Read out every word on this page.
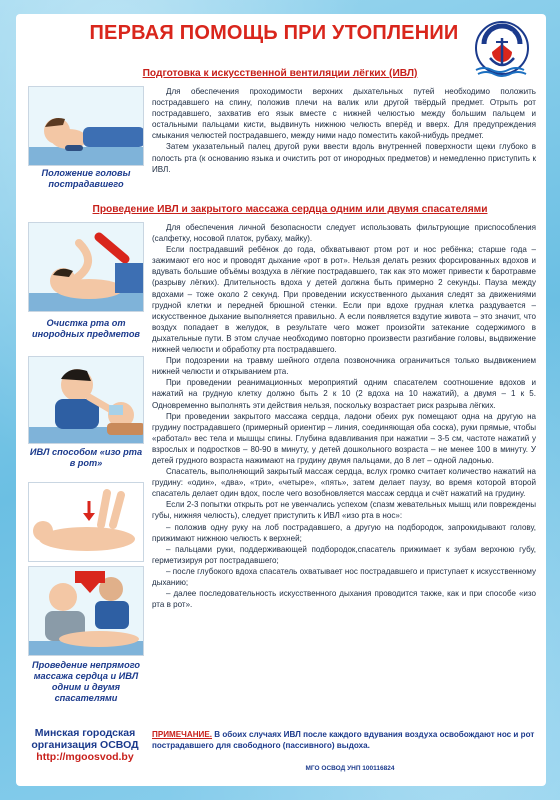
ПЕРВАЯ ПОМОЩЬ ПРИ УТОПЛЕНИИ	ОСВОД
Подготовка к искусственной вентиляции лёгких (ИВЛ)
Положение головы пострадавшего

Для обеспечения проходимости верхних дыхательных путей необходимо положить пострадавшего на спину, положив плечи на валик или другой твёрдый предмет. Отрыть рот пострадавшего, захватив его язык вместе с нижней челюстью между большим пальцем и остальными пальцами кисти, выдвинуть нижнюю челюсть вперёд и вверх. Для предупреждения смыкания челюстей пострадавшего, между ними надо поместить какой-нибудь предмет.

Затем указательный палец другой руки ввести вдоль внутренней поверхности щеки глубоко в полость рта (к основанию языка и очистить рот от инородных предметов) и немедленно приступить к ИВЛ.

Проведение ИВЛ и закрытого массажа сердца одним или двумя спасателями
Очистка рта от инородных предметов
ИВЛ способом «изо рта в рот»
Проведение непрямого массажа сердца и ИВЛ одним и двумя спасателями

Для обеспечения личной безопасности следует использовать фильтрующие приспособления (салфетку, носовой платок, рубаху, майку).

Если пострадавший ребёнок до года, обхватывают ртом рот и нос ребёнка; старше года – зажимают его нос и проводят дыхание «рот в рот». Нельзя делать резких форсированных вдохов и вдувать большие объёмы воздуха в лёгкие пострадавшего, так как это может привести к баротравме (разрыву лёгких). Длительность вдоха у детей должна быть примерно 2 секунды. Пауза между вдохами – тоже около 2 секунд. При проведении искусственного дыхания следят за движениями грудной клетки и передней брюшной стенки. Если при вдохе грудная клетка раздувается – искусственное дыхание выполняется правильно. А если появляется вздутие живота – это значит, что воздух попадает в желудок, в результате чего может произойти затекание содержимого в дыхательные пути. В этом случае необходимо повторно произвести разгибание головы, выдвижение нижней челюсти и обработку рта пострадавшего.

При подозрении на травму шейного отдела позвоночника ограничиться только выдвижением нижней челюсти и открыванием рта.

При проведении реанимационных мероприятий одним спасателем соотношение вдохов и нажатий на грудную клетку должно быть 2 к 10 (2 вдоха на 10 нажатий), а двумя – 1 к 5. Одновременно выполнять эти действия нельзя, поскольку возрастает риск разрыва лёгких.

При проведении закрытого массажа сердца, ладони обеих рук помещают одна на другую на грудину пострадавшего (примерный ориентир – линия, соединяющая оба соска), руки прямые, чтобы «работал» вес тела и мышцы спины. Глубина вдавливания при нажатии – 3-5 см, частоте нажатий у взрослых и подростков – 80-90 в минуту, у детей дошкольного возраста – не менее 100 в минуту. У детей грудного возраста нажимают на грудину двумя пальцами, до 8 лет – одной ладонью.

Спасатель, выполняющий закрытый массаж сердца, вслух громко считает количество нажатий на грудину: «один», «два», «три», «четыре», «пять», затем делает паузу, во время которой второй спасатель делает один вдох, после чего возобновляется массаж сердца и счёт нажатий на грудину.

Если 2-3 попытки открыть рот не увенчались успехом (спазм жевательных мышц или повреждены губы, нижняя челюсть), следует приступить к ИВЛ «изо рта в нос»:

– положив одну руку на лоб пострадавшего, а другую на подбородок, запрокидывают голову, прижимают нижнюю челюсть к верхней;

– пальцами руки, поддерживающей подбородок,спасатель прижимает к зубам верхнюю губу, герметизируя рот пострадавшего;

– после глубокого вдоха спасатель охватывает нос пострадавшего и приступает к искусственному дыханию;

– далее последовательность искусственного дыхания проводится также, как и при способе «изо рта в рот».

Минская городская
организация ОСВОД
http://mgoosvod.by
ПРИМЕЧАНИЕ. В обоих случаях ИВЛ после каждого вдувания воздуха освобождают нос и рот пострадавшего для свободного (пассивного) выдоха.
МГО ОСВОД УНП 100116824
